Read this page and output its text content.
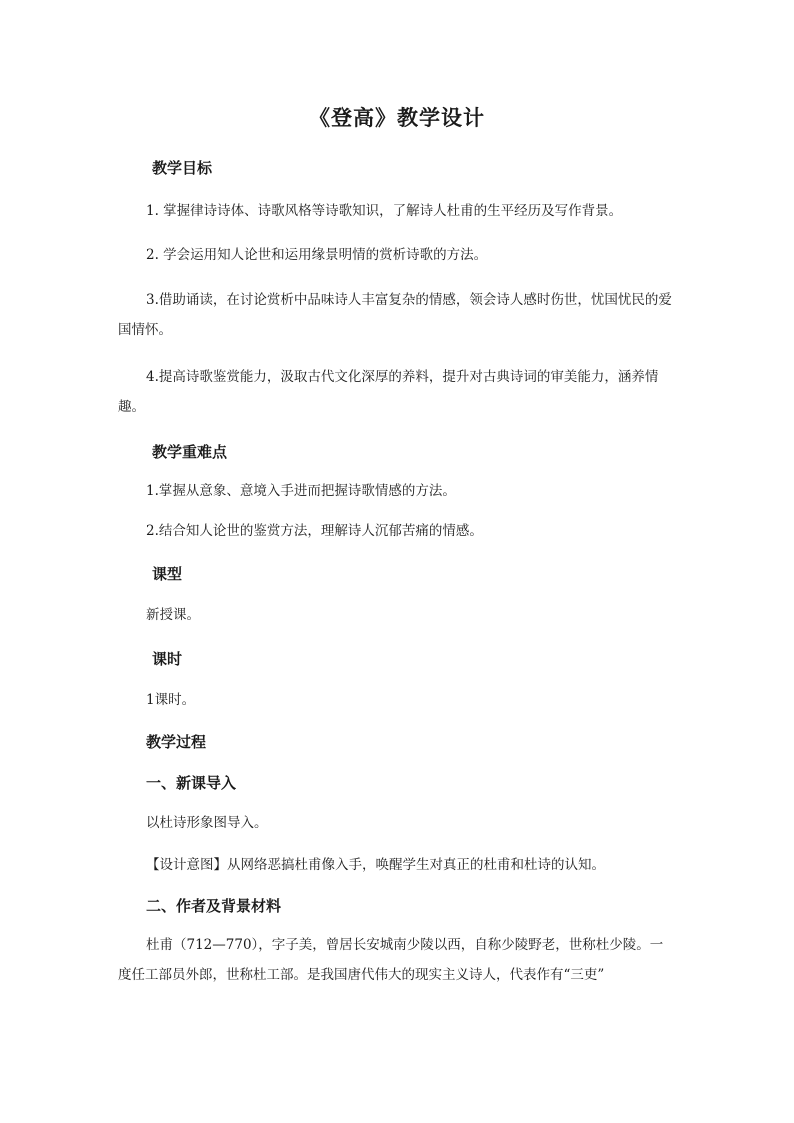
《登高》教学设计
教学目标
1. 掌握律诗诗体、诗歌风格等诗歌知识，了解诗人杜甫的生平经历及写作背景。
2. 学会运用知人论世和运用缘景明情的赏析诗歌的方法。
3.借助诵读，在讨论赏析中品味诗人丰富复杂的情感，领会诗人感时伤世，忧国忧民的爱国情怀。
4.提高诗歌鉴赏能力，汲取古代文化深厚的养料，提升对古典诗词的审美能力，涵养情趣。
教学重难点
1.掌握从意象、意境入手进而把握诗歌情感的方法。
2.结合知人论世的鉴赏方法，理解诗人沉郁苦痛的情感。
课型
新授课。
课时
1课时。
教学过程
一、新课导入
以杜诗形象图导入。
【设计意图】从网络恶搞杜甫像入手，唤醒学生对真正的杜甫和杜诗的认知。
二、作者及背景材料
杜甫（712—770），字子美，曾居长安城南少陵以西，自称少陵野老，世称杜少陵。一度任工部员外郎，世称杜工部。是我国唐代伟大的现实主义诗人，代表作有“三吏”
